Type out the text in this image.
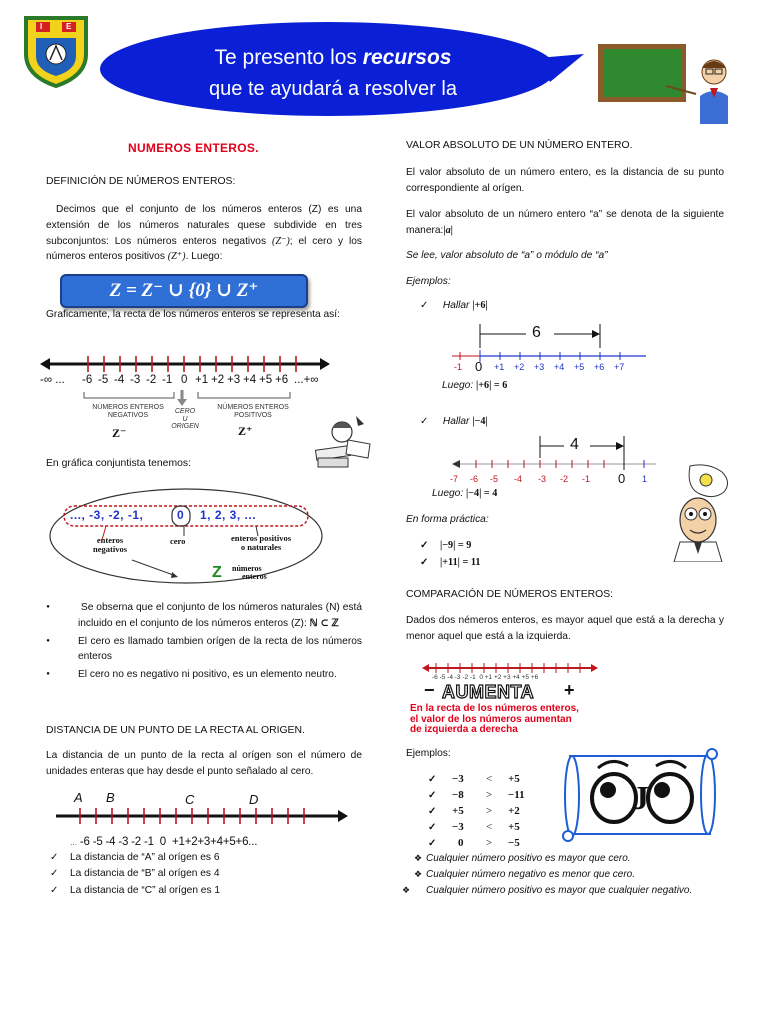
I	E
Te presento los recursos
que te ayudará a resolver la
NUMEROS ENTEROS.
DEFINICIÓN DE NÚMEROS ENTEROS:
Decimos que el conjunto de los números enteros (Z) es una extensión de los números naturales quese subdivide en tres subconjuntos: Los números enteros negativos (Z⁻); el cero y los números enteros positivos (Z⁺). Luego:
Z = Z⁻ ∪ {0} ∪ Z⁺
Graficamente, la recta de los números enteros se representa así:
-∞ ... -6 -5 -4 -3 -2 -1 0 +1 +2 +3 +4 +5 +6 ...+∞
NÚMEROS ENTEROS
NEGATIVOS
CERO
U ORIGEN
NÚMEROS ENTEROS
POSITIVOS
Z⁻	Z⁺
En gráfica conjuntista tenemos:
..., -3, -2, -1,	0 1, 2, 3, ...
enteros
negativos
cero	enteros positivos
o naturales
Z números
enteros
● Se obserna que el conjunto de los números naturales (N) está incluido en el conjunto de los números enteros (Z): ℕ ⊂ ℤ
● El cero es llamado tambien orígen de la recta de los números enteros
● El cero no es negativo ni positivo, es un elemento neutro.
DISTANCIA DE UN PUNTO DE LA RECTA AL ORIGEN.
La distancia de un punto de la recta al orígen son el número de unidades enteras que hay desde el punto señalado al cero.
A B	C	D

... -6 -5 -4 -3 -2 -1  0  +1+2+3+4+5+6...

✓ La distancia de “A” al orígen es 6
✓ La distancia de “B” al orígen es 4
✓ La distancia de “C” al orígen es 1
VALOR ABSOLUTO DE UN NÚMERO ENTERO.
El valor absoluto de un número entero, es la distancia de su punto correspondiente al orígen.
El valor absoluto de un número entero “a” se denota de la siguiente manera:|a|
Se lee, valor absoluto de “a” o módulo de “a”
Ejemplos:
✓ Hallar |+6|
6
-1 0 +1 +2 +3 +4 +5 +6 +7
Luego: |+6| = 6
✓ Hallar |−4|
4
-7 -6 -5 -4 -3 -2 -1 0 1
Luego: |−4| = 4
En forma práctica:
✓ |−9| = 9
✓ |+11| = 11
COMPARACIÓN DE NÚMEROS ENTEROS:
Dados dos némeros enteros, es mayor aquel que está a la derecha y menor aquel que está a la izquierda.
-6 -5 -4 -3 -2 -1  0 +1 +2 +3 +4 +5 +6
− AUMENTA +
En la recta de los números enteros,
el valor de los números aumentan
de izquierda a derecha
Ejemplos:
✓
−3 < +5
✓
−8 > −11
✓
+5 > +2
✓
−3 < +5
✓
0 > −5
J
❖ Cualquier número positivo es mayor que cero.
❖ Cualquier número negativo es menor que cero.
❖ Cualquier número positivo es mayor que cualquier negativo.
